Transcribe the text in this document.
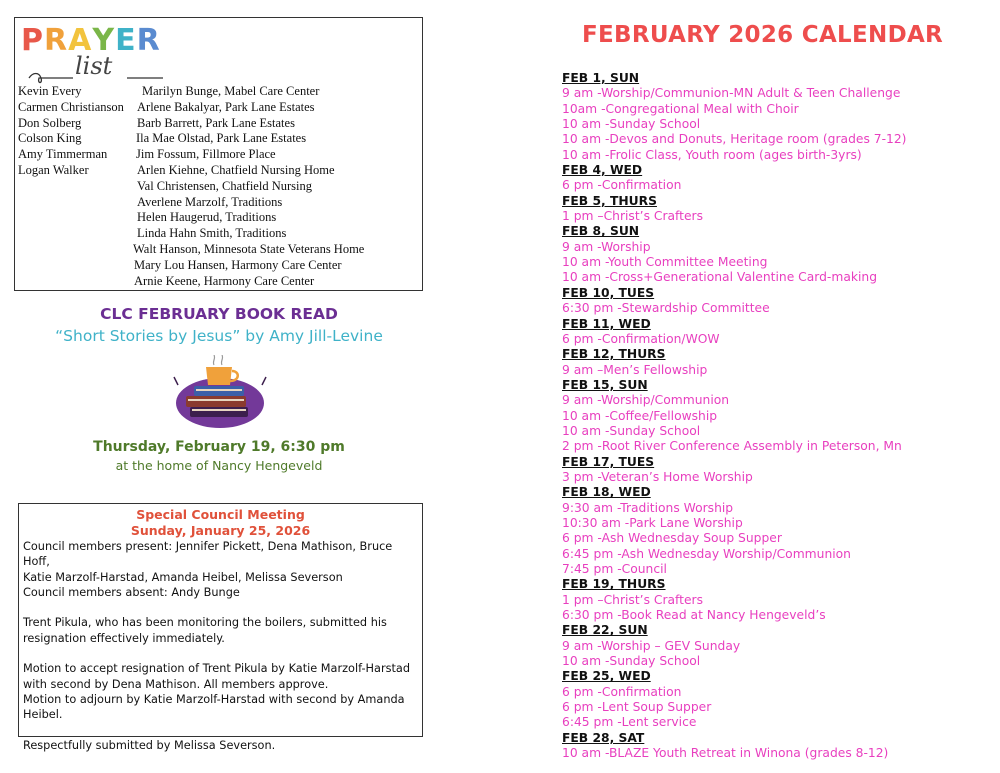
PRAYER
list
Kevin Every
Carmen Christianson
Don Solberg
Colson King
Amy Timmerman
Logan Walker
Marilyn Bunge, Mabel Care Center
Arlene Bakalyar, Park Lane Estates
Barb Barrett, Park Lane Estates
Ila Mae Olstad, Park Lane Estates
Jim Fossum, Fillmore Place
Arlen Kiehne, Chatfield Nursing Home
Val Christensen, Chatfield Nursing
Averlene Marzolf, Traditions
Helen Haugerud, Traditions
Linda Hahn Smith, Traditions
Walt Hanson, Minnesota State Veterans Home
Mary Lou Hansen, Harmony Care Center
Arnie Keene, Harmony Care Center
CLC FEBRUARY BOOK READ
“Short Stories by Jesus” by Amy Jill-Levine
Thursday, February 19, 6:30 pm
at the home of Nancy Hengeveld
Special Council Meeting
Sunday, January 25, 2026
Council members present: Jennifer Pickett, Dena Mathison, Bruce Hoff,
Katie Marzolf-Harstad, Amanda Heibel, Melissa Severson
Council members absent: Andy Bunge
Trent Pikula, who has been monitoring the boilers, submitted his
resignation effectively immediately.
Motion to accept resignation of Trent Pikula by Katie Marzolf-Harstad
with second by Dena Mathison. All members approve.
Motion to adjourn by Katie Marzolf-Harstad with second by Amanda
Heibel.
Respectfully submitted by Melissa Severson.
FEBRUARY 2026 CALENDAR
FEB 1, SUN
9 am -Worship/Communion-MN Adult & Teen Challenge
10am -Congregational Meal with Choir
10 am -Sunday School
10 am -Devos and Donuts, Heritage room (grades 7-12)
10 am -Frolic Class, Youth room (ages birth-3yrs)
FEB 4, WED
6 pm -Confirmation
FEB 5, THURS
1 pm –Christ’s Crafters
FEB 8, SUN
9 am -Worship
10 am -Youth Committee Meeting
10 am -Cross+Generational Valentine Card-making
FEB 10, TUES
6:30 pm -Stewardship Committee
FEB 11, WED
6 pm -Confirmation/WOW
FEB 12, THURS
9 am –Men’s Fellowship
FEB 15, SUN
9 am -Worship/Communion
10 am -Coffee/Fellowship
10 am -Sunday School
2 pm -Root River Conference Assembly in Peterson, Mn
FEB 17, TUES
3 pm -Veteran’s Home Worship
FEB 18, WED
9:30 am -Traditions Worship
10:30 am -Park Lane Worship
6 pm -Ash Wednesday Soup Supper
6:45 pm -Ash Wednesday Worship/Communion
7:45 pm -Council
FEB 19, THURS
1 pm –Christ’s Crafters
6:30 pm -Book Read at Nancy Hengeveld’s
FEB 22, SUN
9 am -Worship – GEV Sunday
10 am -Sunday School
FEB 25, WED
6 pm -Confirmation
6 pm -Lent Soup Supper
6:45 pm -Lent service
FEB 28, SAT
10 am -BLAZE Youth Retreat in Winona (grades 8-12)
